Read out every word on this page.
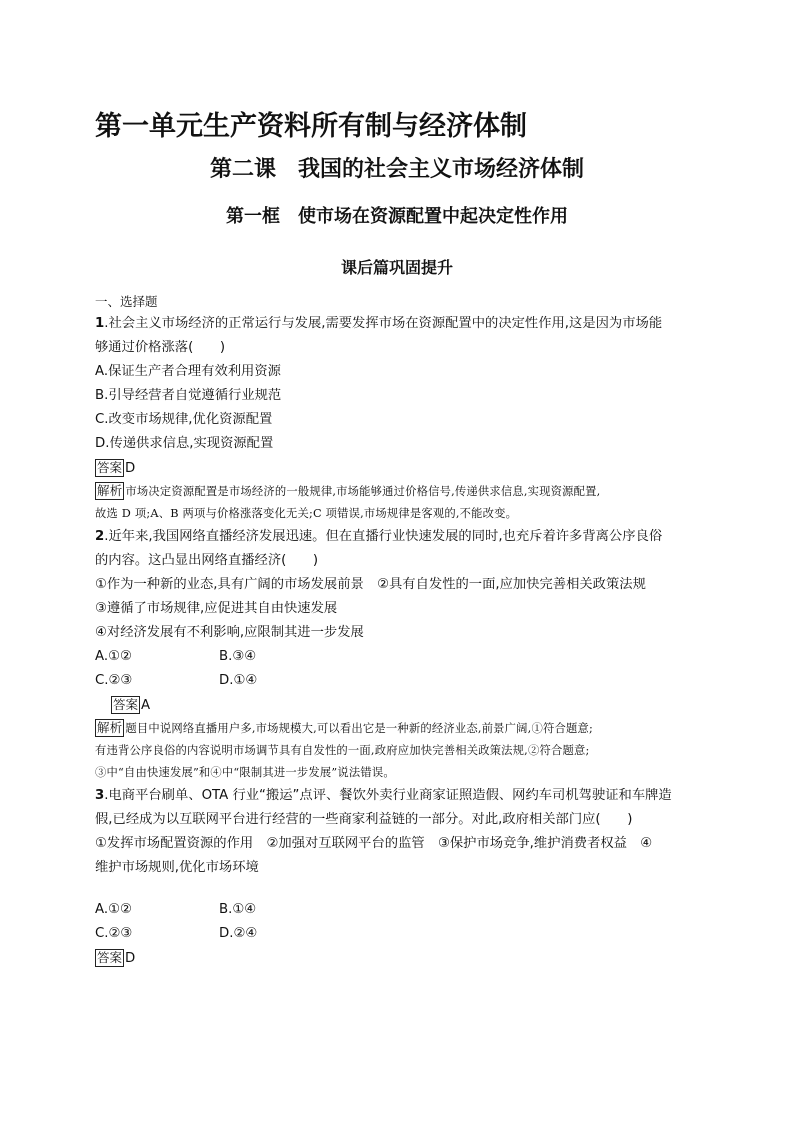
第一单元生产资料所有制与经济体制
第二课　我国的社会主义市场经济体制
第一框　使市场在资源配置中起决定性作用
课后篇巩固提升
一、选择题
1.社会主义市场经济的正常运行与发展,需要发挥市场在资源配置中的决定性作用,这是因为市场能
够通过价格涨落(　　)
A.保证生产者合理有效利用资源
B.引导经营者自觉遵循行业规范
C.改变市场规律,优化资源配置
D.传递供求信息,实现资源配置
答案 D
解析 市场决定资源配置是市场经济的一般规律,市场能够通过价格信号,传递供求信息,实现资源配置,
故选 D 项;A、B 两项与价格涨落变化无关;C 项错误,市场规律是客观的,不能改变。
2.近年来,我国网络直播经济发展迅速。但在直播行业快速发展的同时,也充斥着许多背离公序良俗
的内容。这凸显出网络直播经济(　　)
①作为一种新的业态,具有广阔的市场发展前景　②具有自发性的一面,应加快完善相关政策法规
③遵循了市场规律,应促进其自由快速发展
④对经济发展有不利影响,应限制其进一步发展
A.①②	B.③④
C.②③	D.①④
答案 A
解析 题目中说网络直播用户多,市场规模大,可以看出它是一种新的经济业态,前景广阔,①符合题意;
有违背公序良俗的内容说明市场调节具有自发性的一面,政府应加快完善相关政策法规,②符合题意;
③中“自由快速发展”和④中“限制其进一步发展”说法错误。
3.电商平台刷单、OTA 行业“搬运”点评、餐饮外卖行业商家证照造假、网约车司机驾驶证和车牌造
假,已经成为以互联网平台进行经营的一些商家利益链的一部分。对此,政府相关部门应(　　)
①发挥市场配置资源的作用　②加强对互联网平台的监管　③保护市场竞争,维护消费者权益　④
维护市场规则,优化市场环境
A.①②	B.①④
C.②③	D.②④
答案 D
